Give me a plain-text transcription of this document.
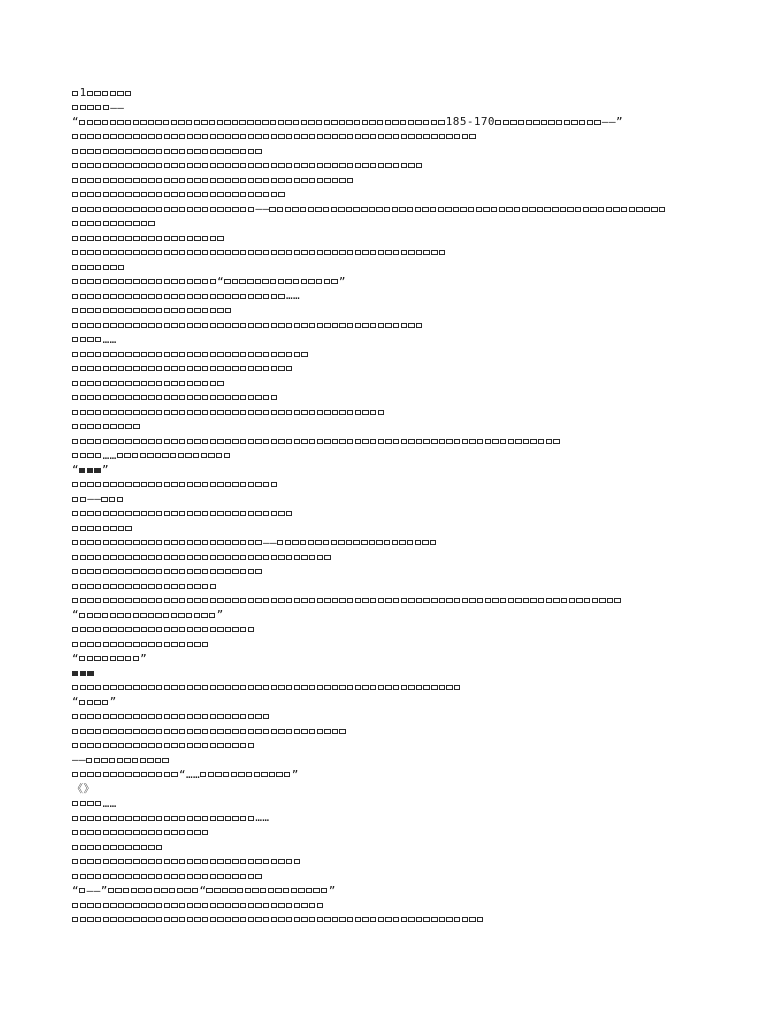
1
——
“	185-170	——”
——
“	”
……
……
……
“ ”
——
——
“	”
“	”
“	”
——
“……	”
《》
……
……
“ ——”	“	”
